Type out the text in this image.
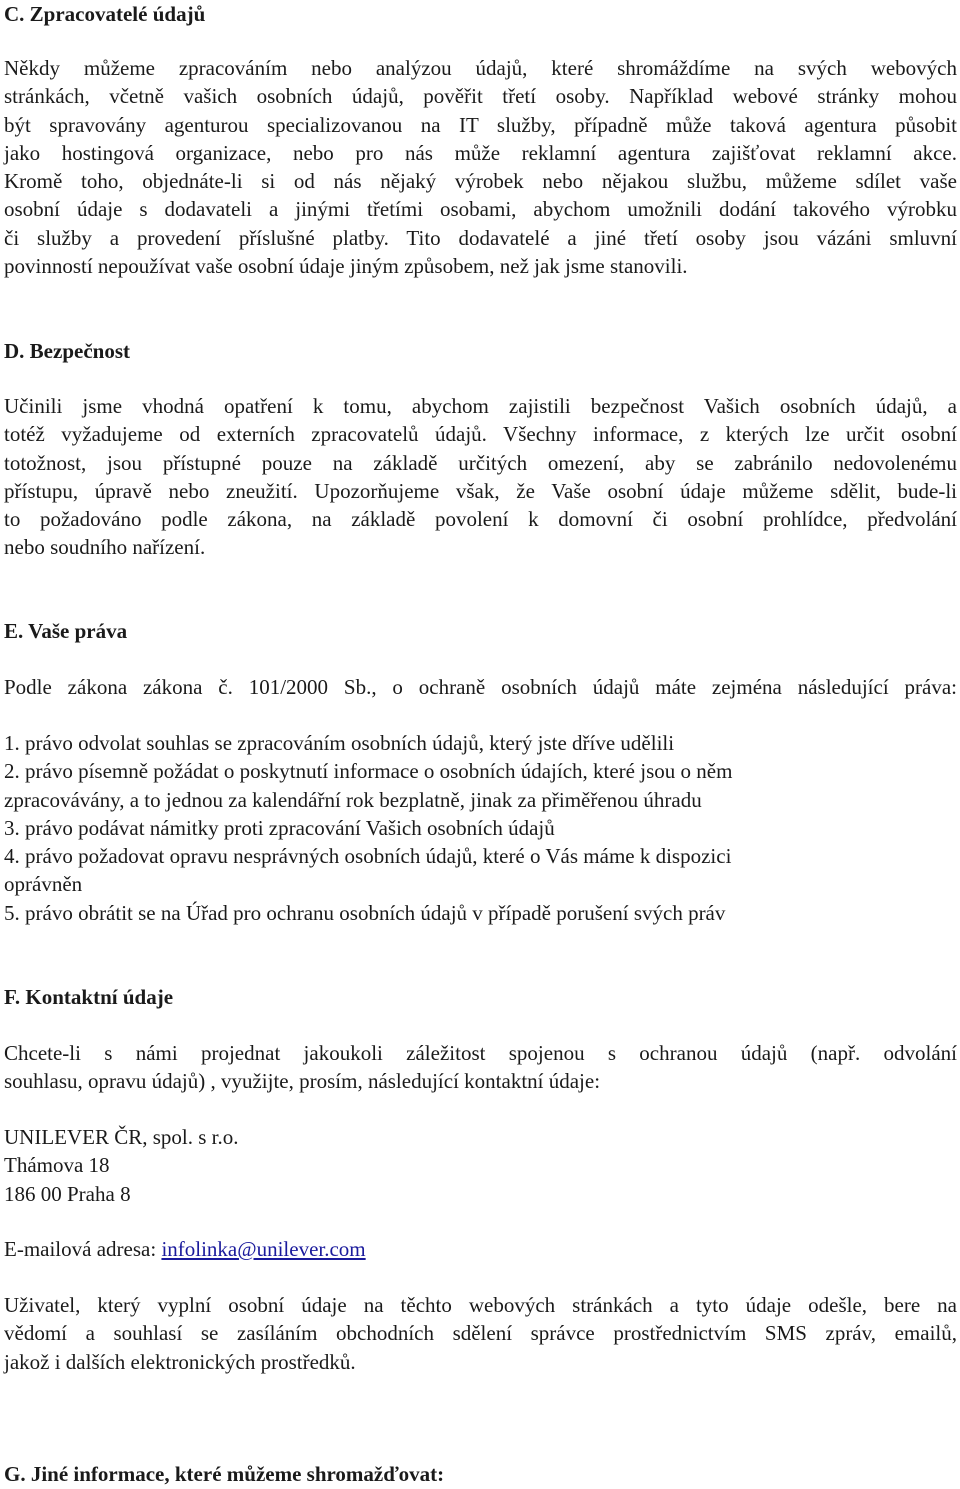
C. Zpracovatelé údajů
Někdy můžeme zpracováním nebo analýzou údajů, které shromáždíme na svých webových
stránkách, včetně vašich osobních údajů, pověřit třetí osoby. Například webové stránky mohou
být spravovány agenturou specializovanou na IT služby, případně může taková agentura působit
jako hostingová organizace, nebo pro nás může reklamní agentura zajišťovat reklamní akce.
Kromě toho, objednáte-li si od nás nějaký výrobek nebo nějakou službu, můžeme sdílet vaše
osobní údaje s dodavateli a jinými třetími osobami, abychom umožnili dodání takového výrobku
či služby a provedení příslušné platby. Tito dodavatelé a jiné třetí osoby jsou vázáni smluvní
povinností nepoužívat vaše osobní údaje jiným způsobem, než jak jsme stanovili.
D. Bezpečnost
Učinili jsme vhodná opatření k tomu, abychom zajistili bezpečnost Vašich osobních údajů, a
totéž vyžadujeme od externích zpracovatelů údajů. Všechny informace, z kterých lze určit osobní
totožnost, jsou přístupné pouze na základě určitých omezení, aby se zabránilo nedovolenému
přístupu, úpravě nebo zneužití. Upozorňujeme však, že Vaše osobní údaje můžeme sdělit, bude-li
to požadováno podle zákona, na základě povolení k domovní či osobní prohlídce, předvolání
nebo soudního nařízení.
E. Vaše práva

Podle zákona zákona č. 101/2000 Sb., o ochraně osobních údajů máte zejména následující práva:

1. právo odvolat souhlas se zpracováním osobních údajů, který jste dříve udělili
2. právo písemně požádat o poskytnutí informace o osobních údajích, které jsou o něm
zpracovávány, a to jednou za kalendářní rok bezplatně, jinak za přiměřenou úhradu
3. právo podávat námitky proti zpracování Vašich osobních údajů
4. právo požadovat opravu nesprávných osobních údajů, které o Vás máme k dispozici
oprávněn
5. právo obrátit se na Úřad pro ochranu osobních údajů v případě porušení svých práv
F. Kontaktní údaje
Chcete-li s námi projednat jakoukoli záležitost spojenou s ochranou údajů (např. odvolání
souhlasu, opravu údajů) , využijte, prosím, následující kontaktní údaje:
UNILEVER ČR, spol. s r.o.
Thámova 18
186 00 Praha 8
E-mailová adresa: infolinka@unilever.com
Uživatel, který vyplní osobní údaje na těchto webových stránkách a tyto údaje odešle, bere na
vědomí a souhlasí se zasíláním obchodních sdělení správce prostřednictvím SMS zpráv, emailů,
jakož i dalších elektronických prostředků.
G. Jiné informace, které můžeme shromažďovat:
